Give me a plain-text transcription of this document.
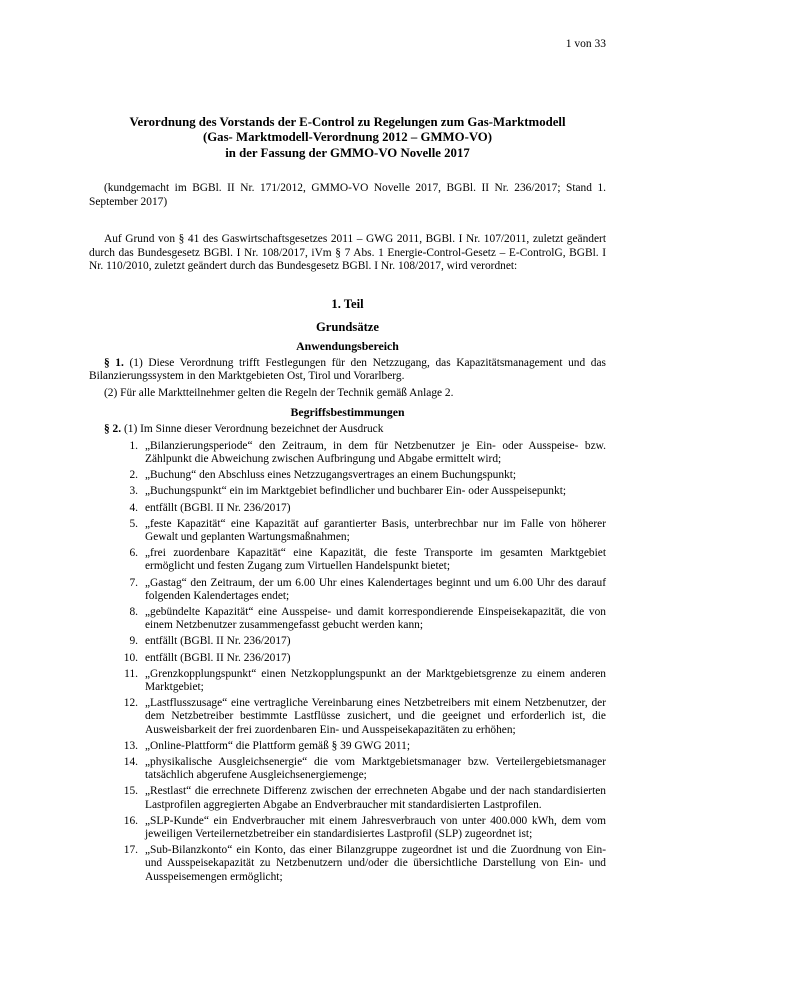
1 von 33
Verordnung des Vorstands der E-Control zu Regelungen zum Gas-Marktmodell
(Gas- Marktmodell-Verordnung 2012 – GMMO-VO)
in der Fassung der GMMO-VO Novelle 2017

(kundgemacht im BGBl. II Nr. 171/2012, GMMO-VO Novelle 2017, BGBl. II Nr. 236/2017; Stand 1. September 2017)

Auf Grund von § 41 des Gaswirtschaftsgesetzes 2011 – GWG 2011, BGBl. I Nr. 107/2011, zuletzt geändert durch das Bundesgesetz BGBl. I Nr. 108/2017, iVm § 7 Abs. 1 Energie-Control-Gesetz – E-ControlG, BGBl. I Nr. 110/2010, zuletzt geändert durch das Bundesgesetz BGBl. I Nr. 108/2017, wird verordnet:

1. Teil
Grundsätze
Anwendungsbereich

§ 1. (1) Diese Verordnung trifft Festlegungen für den Netzzugang, das Kapazitätsmanagement und das Bilanzierungssystem in den Marktgebieten Ost, Tirol und Vorarlberg.

(2) Für alle Marktteilnehmer gelten die Regeln der Technik gemäß Anlage 2.

Begriffsbestimmungen

§ 2. (1) Im Sinne dieser Verordnung bezeichnet der Ausdruck

1. „Bilanzierungsperiode“ den Zeitraum, in dem für Netzbenutzer je Ein- oder Ausspeise- bzw. Zählpunkt die Abweichung zwischen Aufbringung und Abgabe ermittelt wird;
2. „Buchung“ den Abschluss eines Netzzugangsvertrages an einem Buchungspunkt;
3. „Buchungspunkt“ ein im Marktgebiet befindlicher und buchbarer Ein- oder Ausspeisepunkt;
4. entfällt (BGBl. II Nr. 236/2017)
5. „feste Kapazität“ eine Kapazität auf garantierter Basis, unterbrechbar nur im Falle von höherer Gewalt und geplanten Wartungsmaßnahmen;
6. „frei zuordenbare Kapazität“ eine Kapazität, die feste Transporte im gesamten Marktgebiet ermöglicht und festen Zugang zum Virtuellen Handelspunkt bietet;
7. „Gastag“ den Zeitraum, der um 6.00 Uhr eines Kalendertages beginnt und um 6.00 Uhr des darauf folgenden Kalendertages endet;
8. „gebündelte Kapazität“ eine Ausspeise- und damit korrespondierende Einspeisekapazität, die von einem Netzbenutzer zusammengefasst gebucht werden kann;
9. entfällt (BGBl. II Nr. 236/2017)
10. entfällt (BGBl. II Nr. 236/2017)
11. „Grenzkopplungspunkt“ einen Netzkopplungspunkt an der Marktgebietsgrenze zu einem anderen Marktgebiet;
12. „Lastflusszusage“ eine vertragliche Vereinbarung eines Netzbetreibers mit einem Netzbenutzer, der dem Netzbetreiber bestimmte Lastflüsse zusichert, und die geeignet und erforderlich ist, die Ausweisbarkeit der frei zuordenbaren Ein- und Ausspeisekapazitäten zu erhöhen;
13. „Online-Plattform“ die Plattform gemäß § 39 GWG 2011;
14. „physikalische Ausgleichsenergie“ die vom Marktgebietsmanager bzw. Verteilergebietsmanager tatsächlich abgerufene Ausgleichsenergiemenge;
15. „Restlast“ die errechnete Differenz zwischen der errechneten Abgabe und der nach standardisierten Lastprofilen aggregierten Abgabe an Endverbraucher mit standardisierten Lastprofilen.
16. „SLP-Kunde“ ein Endverbraucher mit einem Jahresverbrauch von unter 400.000 kWh, dem vom jeweiligen Verteilernetzbetreiber ein standardisiertes Lastprofil (SLP) zugeordnet ist;
17. „Sub-Bilanzkonto“ ein Konto, das einer Bilanzgruppe zugeordnet ist und die Zuordnung von Ein- und Ausspeisekapazität zu Netzbenutzern und/oder die übersichtliche Darstellung von Ein- und Ausspeisemengen ermöglicht;
